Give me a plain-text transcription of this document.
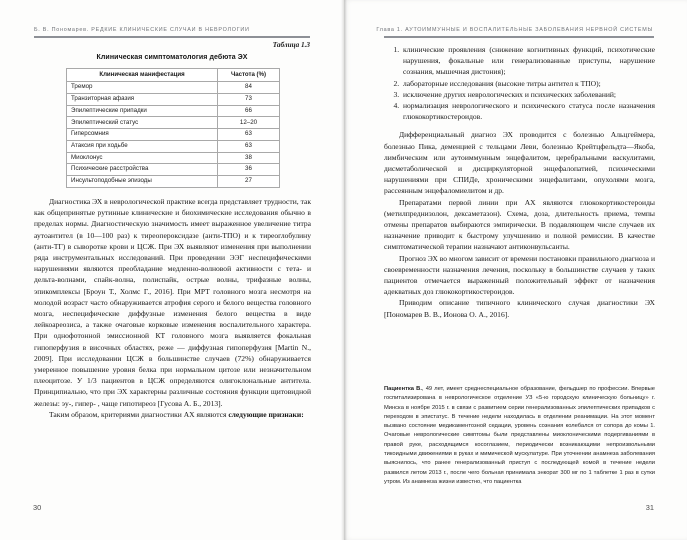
Б. В. Пономарев. РЕДКИЕ КЛИНИЧЕСКИЕ СЛУЧАИ В НЕВРОЛОГИИ	Глава 1. АУТОИММУННЫЕ И ВОСПАЛИТЕЛЬНЫЕ ЗАБОЛЕВАНИЯ НЕРВНОЙ СИСТЕМЫ
Таблица 1.3
Клиническая симптоматология дебюта ЭХ
Клиническая манифестация	Частота (%)
Тремор	84
Транзиторная афазия	73
Эпилептические припадки	66
Эпилептический статус	12–20
Гиперсомния	63
Атаксия при ходьбе	63
Миоклонус	38
Психические расстройства	36
Инсультоподобные эпизоды	27

Диагностика ЭХ в неврологической практике всегда представляет трудности, так как общепринятые рутинные клинические и биохимические исследования обычно в пределах нормы. Диагностическую значимость имеет выраженное увеличение титра аутоантител (в 10—100 раз) к тиреопероксидазе (анти-ТПО) и к тиреоглобулину (анти-ТГ) в сыворотке крови и ЦСЖ. При ЭХ выявляют изменения при выполнении ряда инструментальных исследований. При проведении ЭЭГ неспецифическими нарушениями являются преобладание медленно-волновой активности с тета- и дельта-волнами, спайк-волна, полиспайк, острые волны, трифазные волны, эпикомплексы [Броун Т., Холмс Г., 2016]. При МРТ головного мозга несмотря на молодой возраст часто обнаруживается атрофия серого и белого вещества головного мозга, неспецифические диффузные изменения белого вещества в виде лейкоареозиса, а также очаговые корковые изменения воспалительного характера. При однофотонной эмиссионной КТ головного мозга выявляется фокальная гипоперфузия в височных областях, реже — диффузная гипоперфузия [Martin N., 2009]. При исследовании ЦСЖ в большинстве случаев (72%) обнаруживается умеренное повышение уровня белка при нормальном цитозе или незначительном плеоцитозе. У 1/3 пациентов в ЦСЖ определяются олигоклональные антитела. Принципиально, что при ЭХ характерны различные состояния функции щитовидной железы: эу-, гипер- , чаще гипотиреоз [Гусова А. Б., 2013].

Таким образом, критериями диагностики АХ являются следующие признаки:

1. клинические проявления (снижение когнитивных функций, психотические нарушения, фокальные или генерализованные приступы, нарушение сознания, мышечная дистония);
2. лабораторные исследования (высокие титры антител к ТПО);
3. исключение других неврологических и психических заболеваний;
4. нормализация неврологического и психического статуса после назначения глюкокортикостероидов.

Дифференциальный диагноз ЭХ проводится с болезнью Альцгеймера, болезнью Пика, деменцией с тельцами Леви, болезнью Крейтцфельдта—Якоба, лимбическим или аутоиммунным энцефалитом, церебральными васкулитами, дисметаболической и дисциркуляторной энцефалопатией, психическими нарушениями при СПИДе, хроническими энцефалитами, опухолями мозга, рассеянным энцефаломиелитом и др.

Препаратами первой линии при АХ являются глюкокортикостероиды (метилпреднизолон, дексаметазон). Схема, доза, длительность приема, темпы отмены препаратов выбираются эмпирически. В подавляющем числе случаев их назначение приводит к быстрому улучшению и полной ремиссии. В качестве симптоматической терапии назначают антиконвульсанты.

Прогноз ЭХ во многом зависит от времени постановки правильного диагноза и своевременности назначения лечения, поскольку в большинстве случаев у таких пациентов отмечается выраженный положительный эффект от назначения адекватных доз глюкокортикостероидов.

Приводим описание типичного клинического случая диагностики ЭХ [Пономарев В. В., Ионова О. А., 2016].

Пациентка В., 49 лет, имеет среднеспециальное образование, фельдшер по профессии. Впервые госпитализирована в неврологическое отделение УЗ «5-ю городскую клиническую больницу» г. Минска в ноябре 2015 г. в связи с развитием серии генерализованных эпилептических припадков с переходом в эпистатус. В течение недели находилась в отделении реанимации. На этот момент вызвано состояние медикаментозной седации, уровень сознания колебался от сопора до комы 1. Очаговые неврологические симптомы были представлены миоклоническими подергиваниями в правой руке, расходящимся косоглазием, периодически возникающими непроизвольными тикоидными движениями в руках и мимической мускулатуре. При уточнении анамнеза заболевания выяснилось, что ранее генерализованный приступ с последующей комой в течение недели развился летом 2013 г., после чего больная принимала энкорат 300 мг по 1 таблетке 1 раз в сутки утром. Из анамнеза жизни известно, что пациентка

30	31
